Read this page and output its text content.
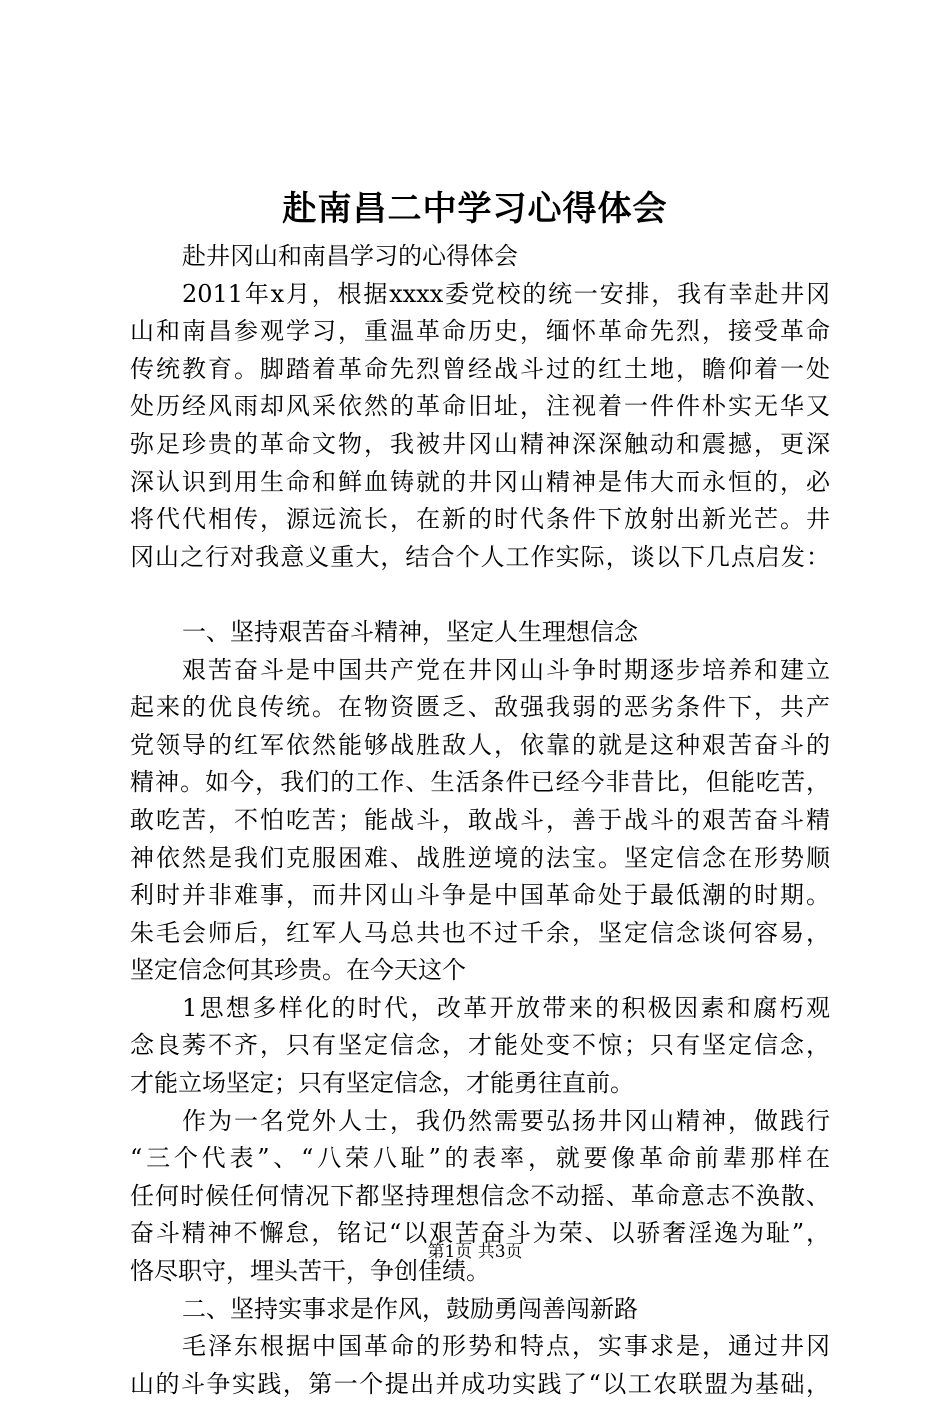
赴南昌二中学习心得体会
赴井冈山和南昌学习的心得体会
2011年x月，根据xxxx委党校的统一安排，我有幸赴井冈
山和南昌参观学习，重温革命历史，缅怀革命先烈，接受革命
传统教育。脚踏着革命先烈曾经战斗过的红土地，瞻仰着一处
处历经风雨却风采依然的革命旧址，注视着一件件朴实无华又
弥足珍贵的革命文物，我被井冈山精神深深触动和震撼，更深
深认识到用生命和鲜血铸就的井冈山精神是伟大而永恒的，必
将代代相传，源远流长，在新的时代条件下放射出新光芒。井
冈山之行对我意义重大，结合个人工作实际，谈以下几点启发：
一、坚持艰苦奋斗精神，坚定人生理想信念
艰苦奋斗是中国共产党在井冈山斗争时期逐步培养和建立
起来的优良传统。在物资匮乏、敌强我弱的恶劣条件下，共产
党领导的红军依然能够战胜敌人，依靠的就是这种艰苦奋斗的
精神。如今，我们的工作、生活条件已经今非昔比，但能吃苦，
敢吃苦，不怕吃苦；能战斗，敢战斗，善于战斗的艰苦奋斗精
神依然是我们克服困难、战胜逆境的法宝。坚定信念在形势顺
利时并非难事，而井冈山斗争是中国革命处于最低潮的时期。
朱毛会师后，红军人马总共也不过千余，坚定信念谈何容易，
坚定信念何其珍贵。在今天这个
1思想多样化的时代，改革开放带来的积极因素和腐朽观
念良莠不齐，只有坚定信念，才能处变不惊；只有坚定信念，
才能立场坚定；只有坚定信念，才能勇往直前。
作为一名党外人士，我仍然需要弘扬井冈山精神，做践行
“三个代表”、“八荣八耻”的表率，就要像革命前辈那样在
任何时候任何情况下都坚持理想信念不动摇、革命意志不涣散、
奋斗精神不懈怠，铭记“以艰苦奋斗为荣、以骄奢淫逸为耻”，
恪尽职守，埋头苦干，争创佳绩。
二、坚持实事求是作风，鼓励勇闯善闯新路
毛泽东根据中国革命的形势和特点，实事求是，通过井冈
山的斗争实践，第一个提出并成功实践了“以工农联盟为基础，
第1页 共3页
